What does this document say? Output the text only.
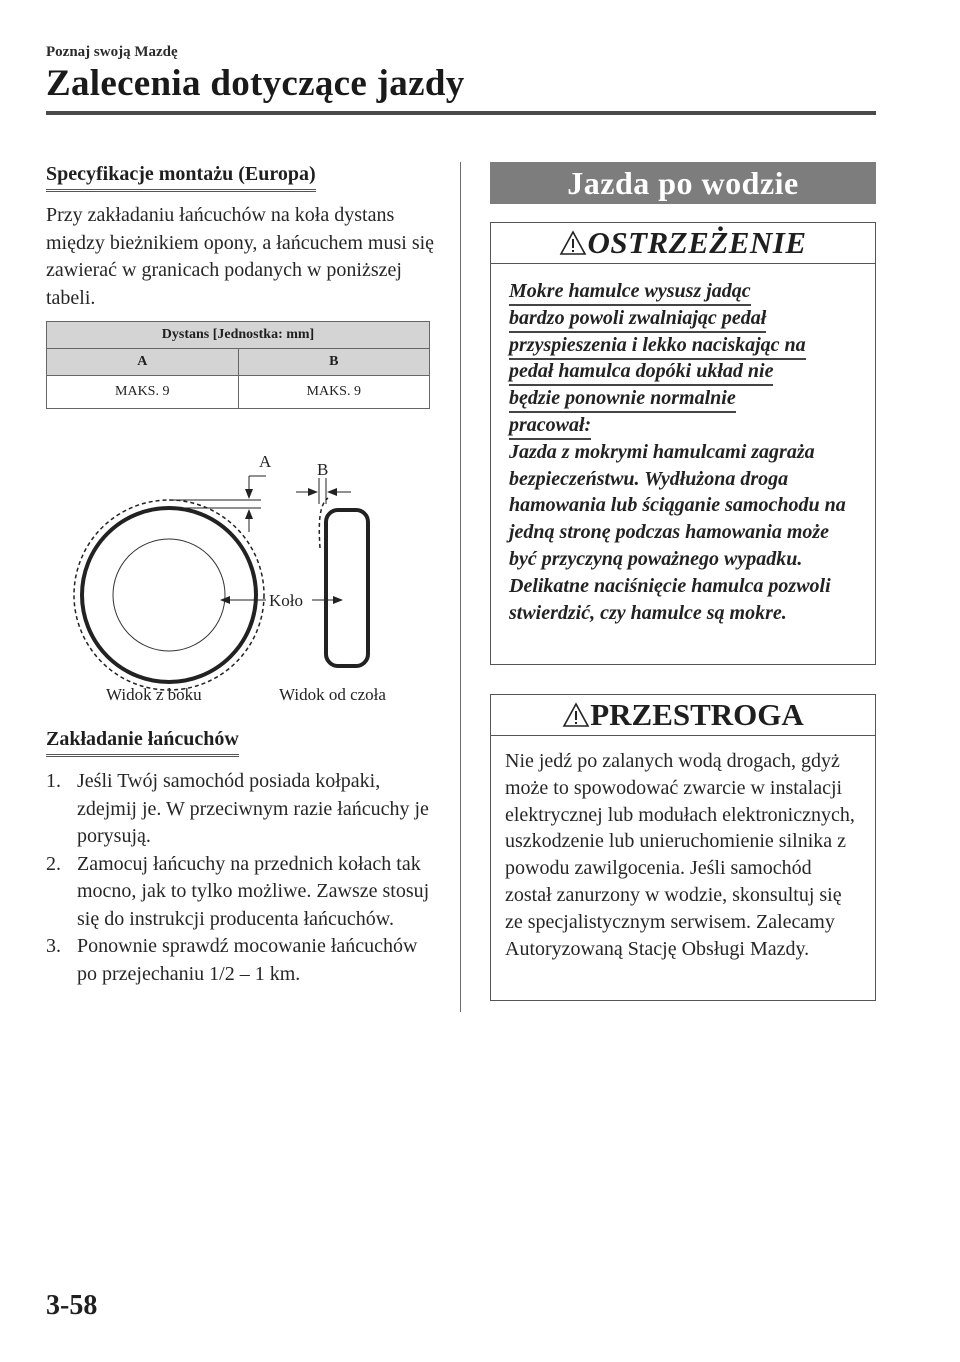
Poznaj swoją Mazdę
Zalecenia dotyczące jazdy
Specyfikacje montażu (Europa)
Przy zakładaniu łańcuchów na koła dystans między bieżnikiem opony, a łańcuchem musi się zawierać w granicach podanych w poniższej tabeli.
Dystans [Jednostka: mm]	
A	B
MAKS. 9	MAKS. 9
A	B
Koło
Widok z boku	Widok od czoła
Zakładanie łańcuchów
1. Jeśli Twój samochód posiada kołpaki, zdejmij je. W przeciwnym razie łańcuchy je porysują.
2. Zamocuj łańcuchy na przednich kołach tak mocno, jak to tylko możliwe. Zawsze stosuj się do instrukcji producenta łańcuchów.
3. Ponownie sprawdź mocowanie łańcuchów po przejechaniu 1/2 – 1 km.
Jazda po wodzie
OSTRZEŻENIE
Mokre hamulce wysusz jadąc
bardzo powoli zwalniając pedał
przyspieszenia i lekko naciskając na
pedał hamulca dopóki układ nie
będzie ponownie normalnie
pracował:
Jazda z mokrymi hamulcami zagraża bezpieczeństwu. Wydłużona droga hamowania lub ściąganie samochodu na jedną stronę podczas hamowania może być przyczyną poważnego wypadku. Delikatne naciśnięcie hamulca pozwoli stwierdzić, czy hamulce są mokre.
PRZESTROGA
Nie jedź po zalanych wodą drogach, gdyż może to spowodować zwarcie w instalacji elektrycznej lub modułach elektronicznych, uszkodzenie lub unieruchomienie silnika z powodu zawilgocenia. Jeśli samochód został zanurzony w wodzie, skonsultuj się ze specjalistycznym serwisem. Zalecamy Autoryzowaną Stację Obsługi Mazdy.
3-58
